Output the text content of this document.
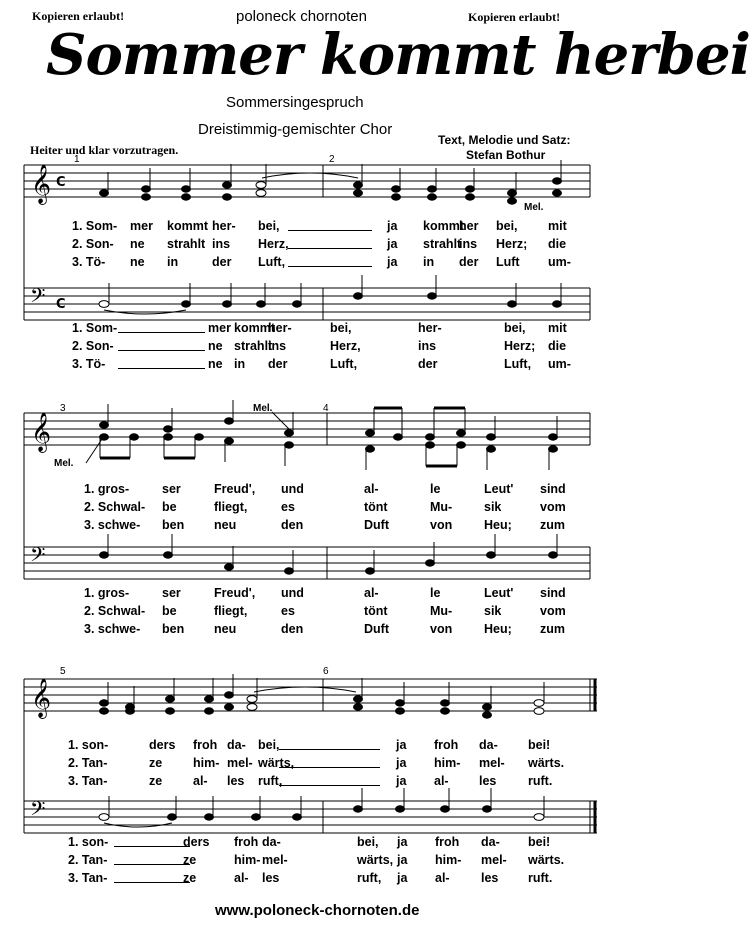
Kopieren erlaubt!	poloneck chornoten	Kopieren erlaubt!
Sommer kommt herbei
Sommersingespruch
Dreistimmig-gemischter Chor
Text, Melodie und Satz:
Stefan Bothur
Heiter und klar vorzutragen.
𝄞
𝄢
C
C
𝄞
𝄢
𝄞
𝄢
1	2
3	4
5	6
Mel.
Mel.
Mel.
1. Som- mer kommt her- bei,	ja kommt
her bei, mit
2. Son- ne strahlt ins Herz,	ja strahlt
ins Herz; die
3. Tö- ne in	der Luft,	ja in der Luft um-
1. Som-	mer kommt
her-	bei,	her-	bei, mit
2. Son-	ne strahlt
ins	Herz,	ins	Herz; die
3. Tö-	ne in der	Luft,	der	Luft, um-
1. gros-	ser	Freud', und	al-	le	Leut' sind
2. Schwal- be	fliegt,	es	tönt	Mu-	sik	vom
3. schwe- ben neu	den	Duft	von	Heu; zum
1. gros-	ser	Freud', und	al-	le	Leut' sind
2. Schwal- be	fliegt,	es	tönt	Mu-	sik	vom
3. schwe- ben neu	den	Duft	von	Heu; zum
1. son-	ders froh da- bei,	ja froh da- bei!
2. Tan-	ze him- mel- wärts,	ja him- mel- wärts.
3. Tan-	ze al- les ruft,	ja al- les	ruft.
1. son-	ders froh da-	bei, ja froh da- bei!
2. Tan-	ze	him- mel-	wärts, ja him- mel- wärts.
3. Tan-	ze	al- les	ruft, ja al-	les ruft.
www.poloneck-chornoten.de
